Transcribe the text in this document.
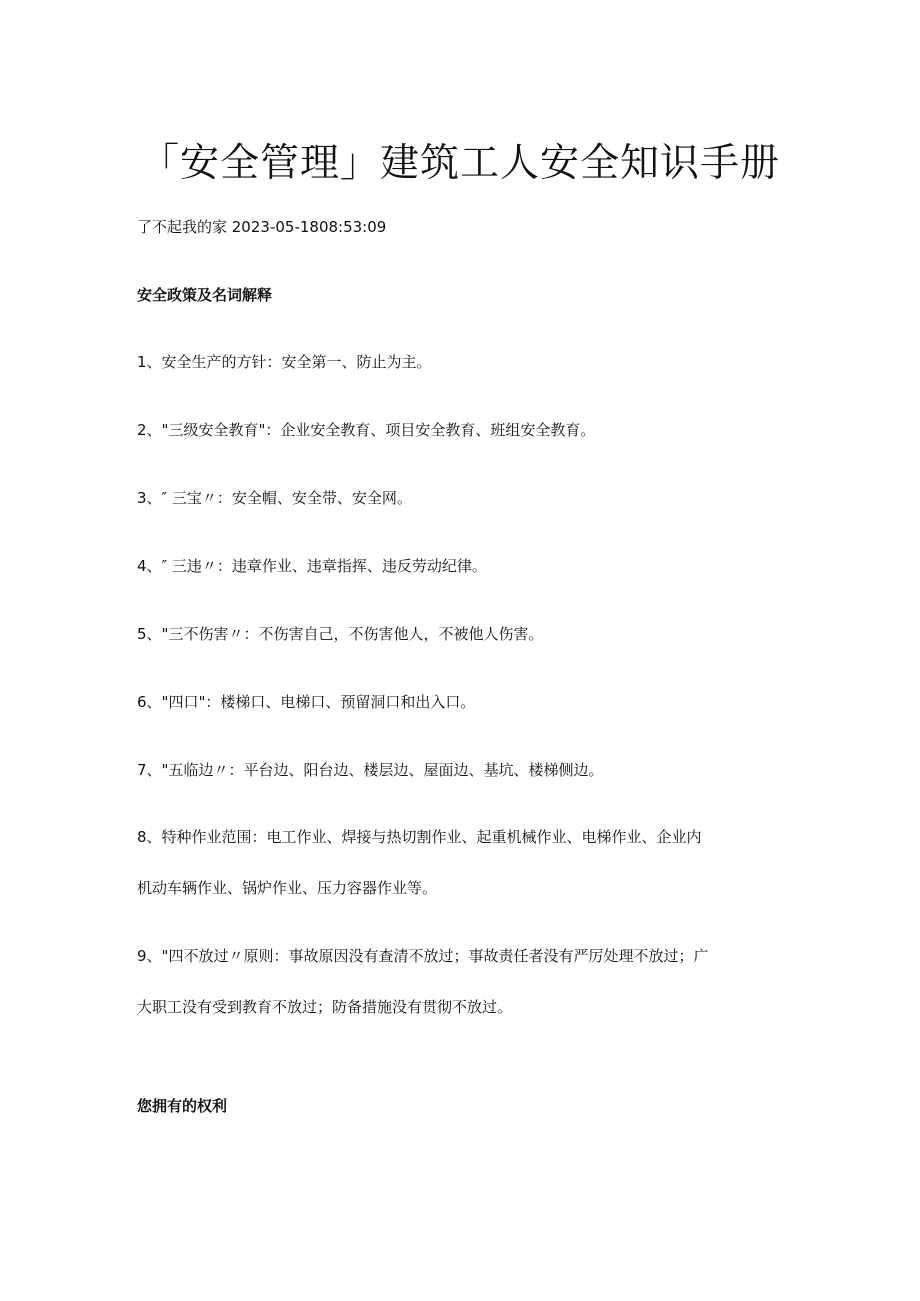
「安全管理」建筑工人安全知识手册
了不起我的家 2023-05-1808:53:09
安全政策及名词解释
1、安全生产的方针：安全第一、防止为主。
2、"三级安全教育"：企业安全教育、项目安全教育、班组安全教育。
3、″ 三宝〃：安全帽、安全带、安全网。
4、″ 三违〃：违章作业、违章指挥、违反劳动纪律。
5、"三不伤害〃：不伤害自己，不伤害他人，不被他人伤害。
6、"四口"：楼梯口、电梯口、预留洞口和出入口。
7、"五临边〃：平台边、阳台边、楼层边、屋面边、基坑、楼梯侧边。
8、特种作业范围：电工作业、焊接与热切割作业、起重机械作业、电梯作业、企业内
机动车辆作业、锅炉作业、压力容器作业等。
9、"四不放过〃原则：事故原因没有查清不放过；事故责任者没有严厉处理不放过；广
大职工没有受到教育不放过；防备措施没有贯彻不放过。
您拥有的权利
